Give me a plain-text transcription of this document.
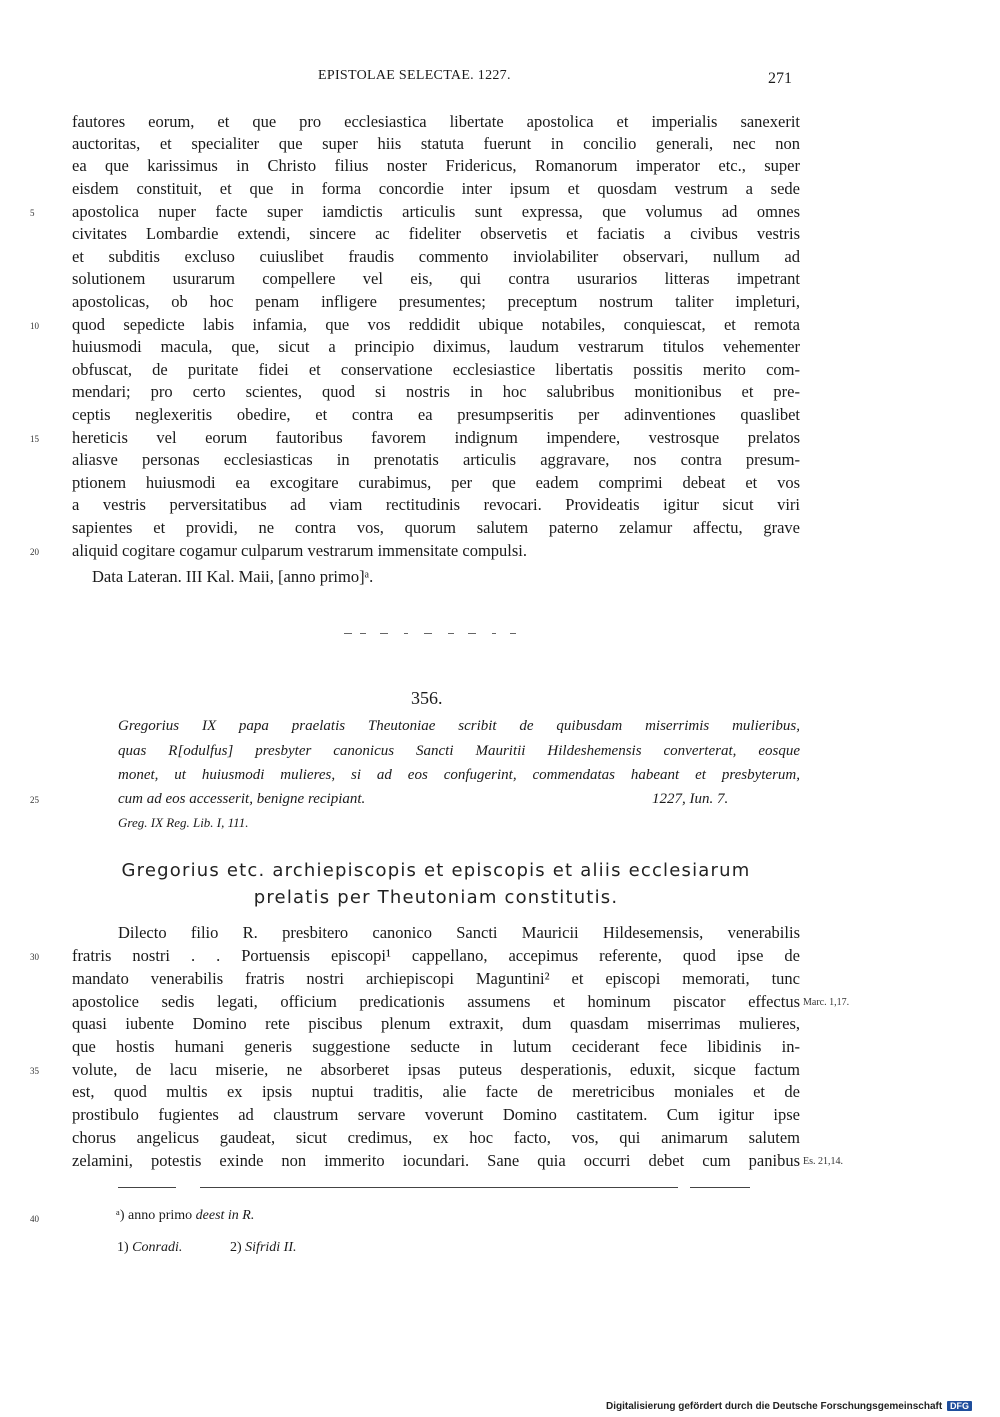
EPISTOLAE SELECTAE. 1227.	271
fautores eorum, et que pro ecclesiastica libertate apostolica et imperialis sanexerit
auctoritas, et specialiter que super hiis statuta fuerunt in concilio generali, nec non
ea que karissimus in Christo filius noster Fridericus, Romanorum imperator etc., super
eisdem constituit, et que in forma concordie inter ipsum et quosdam vestrum a sede
apostolica nuper facte super iamdictis articulis sunt expressa, que volumus ad omnes
civitates Lombardie extendi, sincere ac fideliter observetis et faciatis a civibus vestris
et subditis excluso cuiuslibet fraudis commento inviolabiliter observari, nullum ad
solutionem usurarum compellere vel eis, qui contra usurarios litteras impetrant
apostolicas, ob hoc penam infligere presumentes; preceptum nostrum taliter impleturi,
quod sepedicte labis infamia, que vos reddidit ubique notabiles, conquiescat, et remota
huiusmodi macula, que, sicut a principio diximus, laudum vestrarum titulos vehementer
obfuscat, de puritate fidei et conservatione ecclesiastice libertatis possitis merito com-
mendari; pro certo scientes, quod si nostris in hoc salubribus monitionibus et pre-
ceptis neglexeritis obedire, et contra ea presumpseritis per adinventiones quaslibet
hereticis vel eorum fautoribus favorem indignum impendere, vestrosque prelatos
aliasve personas ecclesiasticas in prenotatis articulis aggravare, nos contra presum-
ptionem huiusmodi ea excogitare curabimus, per que eadem comprimi debeat et vos
a vestris perversitatibus ad viam rectitudinis revocari. Provideatis igitur sicut viri
sapientes et providi, ne contra vos, quorum salutem paterno zelamur affectu, grave
aliquid cogitare cogamur culparum vestrarum immensitate compulsi.
Data Lateran. III Kal. Maii, [anno primo]ᵃ.
5
10
15
20
356.
Gregorius IX papa praelatis Theutoniae scribit de quibusdam miserrimis mulieribus,
quas R[odulfus] presbyter canonicus Sancti Mauritii Hildeshemensis converterat, eosque
monet, ut huiusmodi mulieres, si ad eos confugerint, commendatas habeant et presbyterum,
cum ad eos accesserit, benigne recipiant.	1227, Iun. 7.
25
Greg. IX Reg. Lib. I, 111.
Gregorius etc. archiepiscopis et episcopis et aliis ecclesiarum
prelatis per Theutoniam constitutis.
Dilecto filio R. presbitero canonico Sancti Mauricii Hildesemensis, venerabilis
fratris nostri . . Portuensis episcopi¹ cappellano, accepimus referente, quod ipse de
mandato venerabilis fratris nostri archiepiscopi Maguntini² et episcopi memorati, tunc
apostolice sedis legati, officium predicationis assumens et hominum piscator effectus
quasi iubente Domino rete piscibus plenum extraxit, dum quasdam miserrimas mulieres,
que hostis humani generis suggestione seducte in lutum ceciderant fece libidinis in-
volute, de lacu miserie, ne absorberet ipsas puteus desperationis, eduxit, sicque factum
est, quod multis ex ipsis nuptui traditis, alie facte de meretricibus moniales et de
prostibulo fugientes ad claustrum servare voverunt Domino castitatem. Cum igitur ipse
chorus angelicus gaudeat, sicut credimus, ex hoc facto, vos, qui animarum salutem
zelamini, potestis exinde non immerito iocundari. Sane quia occurri debet cum panibus
Marc. 1,17.
Es. 21,14.
30
35
40	ᵃ) anno primo deest in R.
1) Conradi.	2) Sifridi II.
Digitalisierung gefördert durch die Deutsche Forschungsgemeinschaft DFG
